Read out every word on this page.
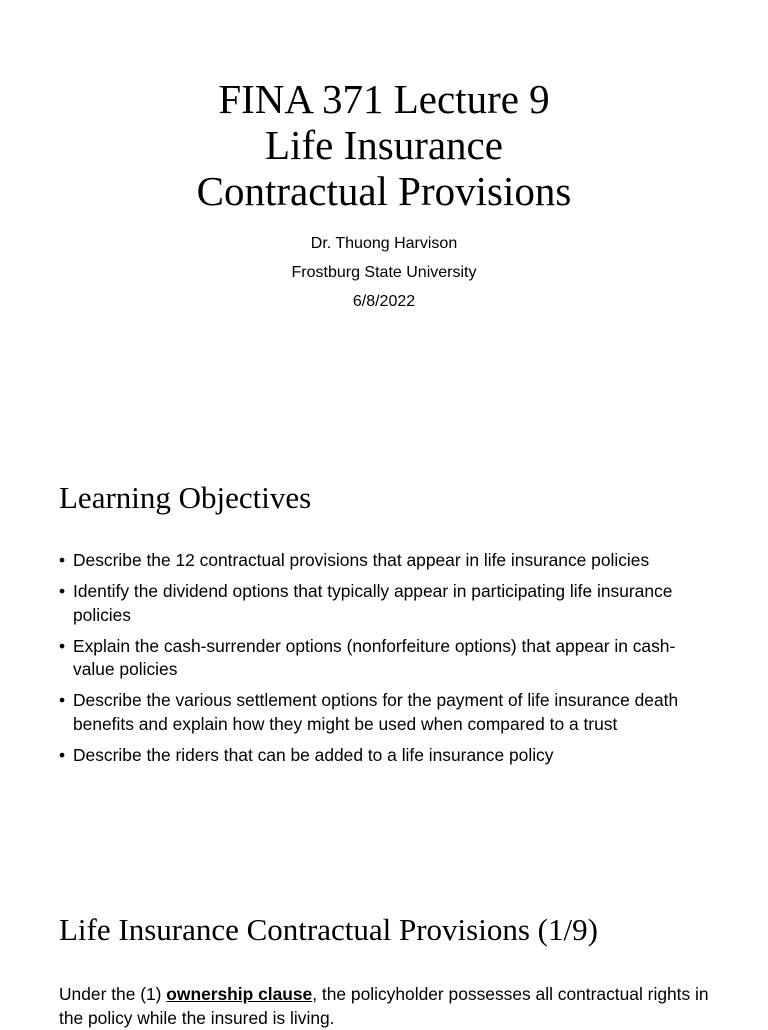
FINA 371 Lecture 9
Life Insurance
Contractual Provisions
Dr. Thuong Harvison
Frostburg State University
6/8/2022
Learning Objectives
• Describe the 12 contractual provisions that appear in life insurance policies
• Identify the dividend options that typically appear in participating life insurance policies
• Explain the cash-surrender options (nonforfeiture options) that appear in cash-value policies
• Describe the various settlement options for the payment of life insurance death benefits and explain how they might be used when compared to a trust
• Describe the riders that can be added to a life insurance policy
Life Insurance Contractual Provisions (1/9)

Under the (1) ownership clause, the policyholder possesses all contractual rights in the policy while the insured is living.
